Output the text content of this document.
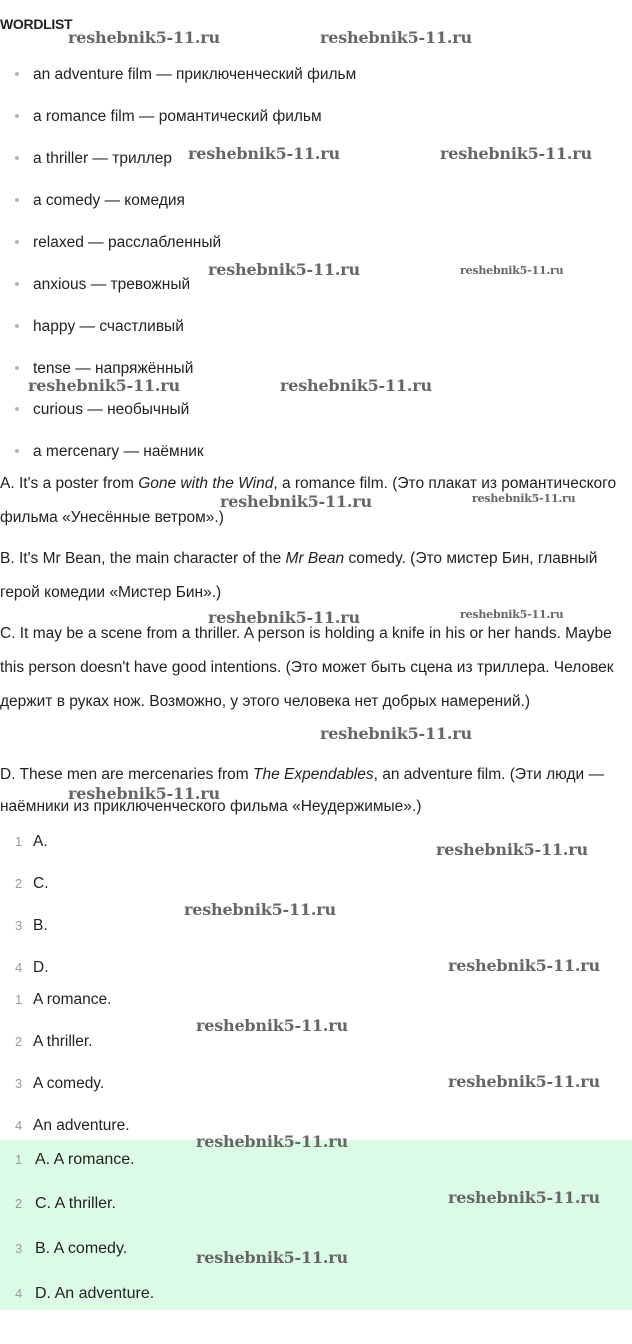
WORDLIST
an adventure film — приключенческий фильм
a romance film — романтический фильм
a thriller — триллер
a comedy — комедия
relaxed — расслабленный
anxious — тревожный
happy — счастливый
tense — напряжённый
curious — необычный
a mercenary — наёмник
A. It's a poster from Gone with the Wind, a romance film. (Это плакат из романтического фильма «Унесённые ветром».)
B. It's Mr Bean, the main character of the Mr Bean comedy. (Это мистер Бин, главный герой комедии «Мистер Бин».)
C. It may be a scene from a thriller. A person is holding a knife in his or her hands. Maybe this person doesn't have good intentions. (Это может быть сцена из триллера. Человек держит в руках нож. Возможно, у этого человека нет добрых намерений.)
D. These men are mercenaries from The Expendables, an adventure film. (Эти люди — наёмники из приключенческого фильма «Неудержимые».)
1 A.
2 C.
3 B.
4 D.
1 A romance.
2 A thriller.
3 A comedy.
4 An adventure.
1 A. A romance.
2 C. A thriller.
3 B. A comedy.
4 D. An adventure.
reshebnik5-11.ru	reshebnik5-11.ru
reshebnik5-11.ru	reshebnik5-11.ru
reshebnik5-11.ru	reshebnik5-11.ru
reshebnik5-11.ru	reshebnik5-11.ru
reshebnik5-11.ru	reshebnik5-11.ru
reshebnik5-11.ru	reshebnik5-11.ru
reshebnik5-11.ru
reshebnik5-11.ru
reshebnik5-11.ru
reshebnik5-11.ru
reshebnik5-11.ru
reshebnik5-11.ru
reshebnik5-11.ru
reshebnik5-11.ru
reshebnik5-11.ru
reshebnik5-11.ru
